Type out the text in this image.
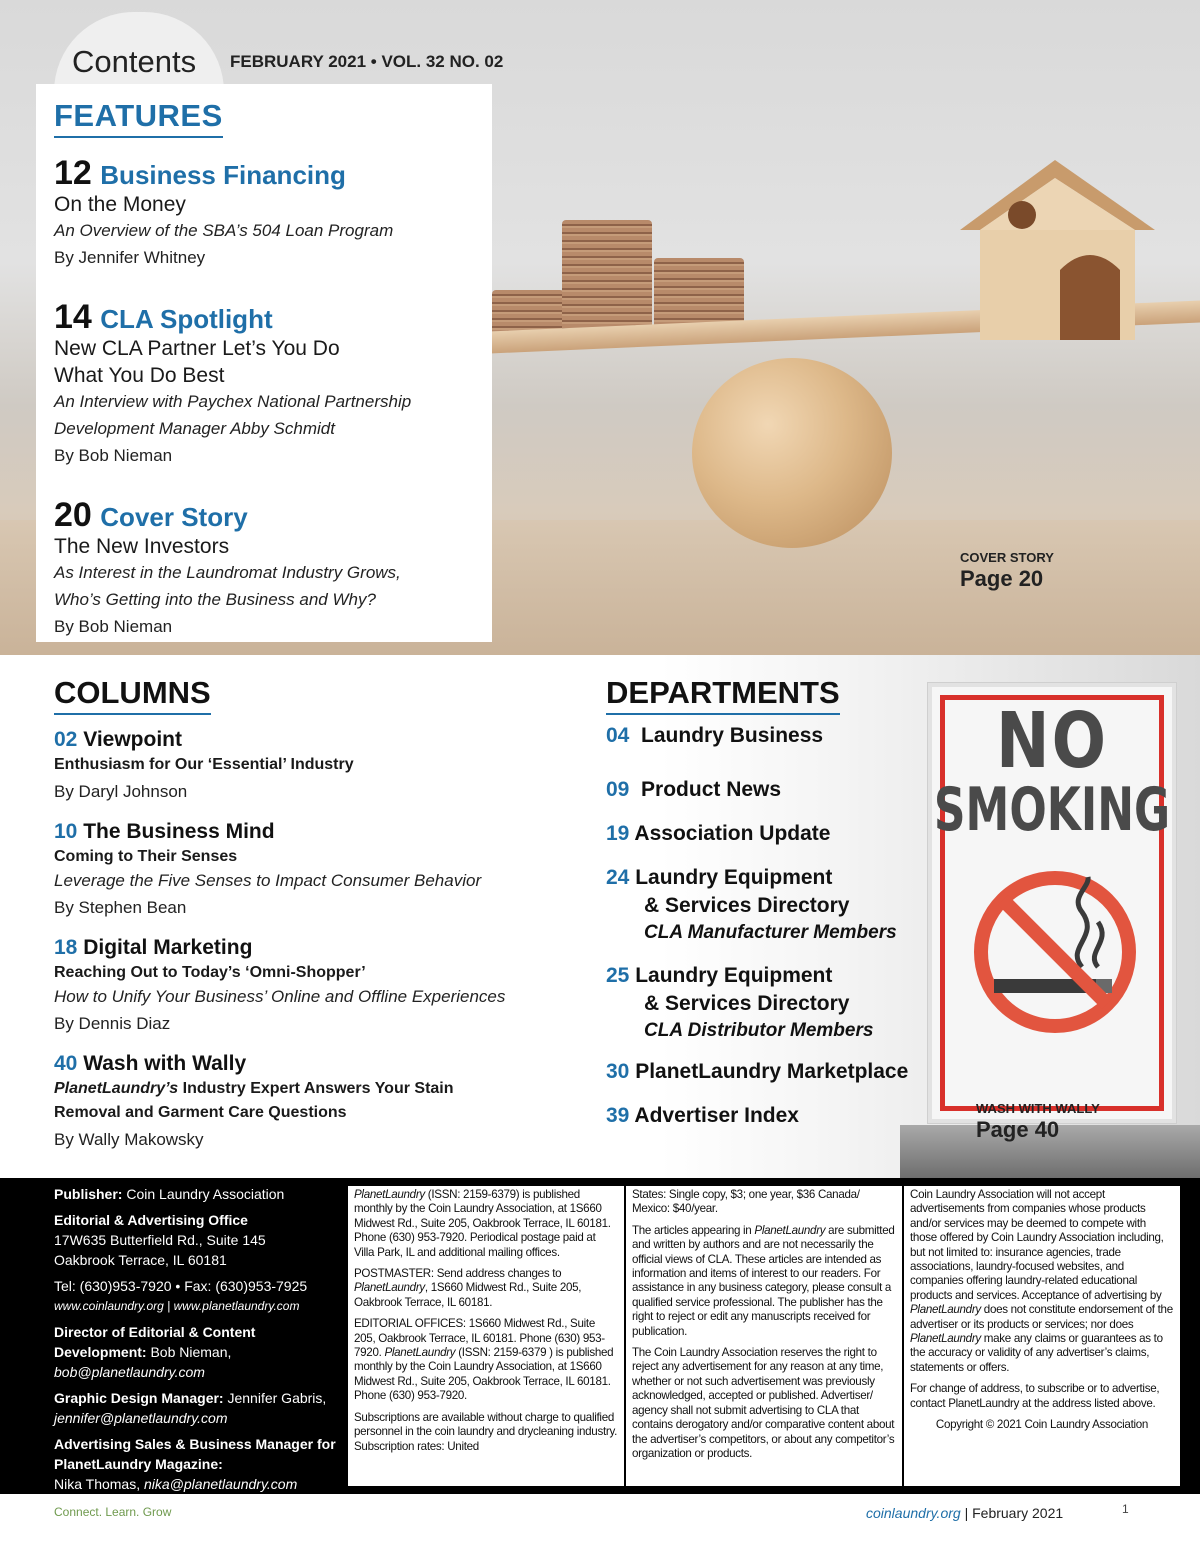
Contents FEBRUARY 2021 • VOL. 32 NO. 02
COVER STORY
Page 20
FEATURES
12 Business Financing
On the Money
An Overview of the SBA’s 504 Loan Program
By Jennifer Whitney
14 CLA Spotlight
New CLA Partner Let’s You Do
What You Do Best
An Interview with Paychex National Partnership
Development Manager Abby Schmidt
By Bob Nieman
20 Cover Story
The New Investors
As Interest in the Laundromat Industry Grows,
Who’s Getting into the Business and Why?
By Bob Nieman
NO
SMOKING
COLUMNS
02 Viewpoint
Enthusiasm for Our ‘Essential’ Industry
By Daryl Johnson
10 The Business Mind
Coming to Their Senses
Leverage the Five Senses to Impact Consumer Behavior
By Stephen Bean
18 Digital Marketing
Reaching Out to Today’s ‘Omni-Shopper’
How to Unify Your Business’ Online and Offline Experiences
By Dennis Diaz
40 Wash with Wally
PlanetLaundry’s Industry Expert Answers Your Stain
Removal and Garment Care Questions
By Wally Makowsky
DEPARTMENTS
04 Laundry Business
09 Product News
19 Association Update
24 Laundry Equipment
& Services Directory
CLA Manufacturer Members
25 Laundry Equipment
& Services Directory
CLA Distributor Members
30 PlanetLaundry Marketplace
39 Advertiser Index	WASH WITH WALLY
Page 40
Publisher: Coin Laundry Association
Editorial & Advertising Office
17W635 Butterfield Rd., Suite 145
Oakbrook Terrace, IL 60181
Tel: (630)953-7920 • Fax: (630)953-7925
www.coinlaundry.org | www.planetlaundry.com
Director of Editorial & Content Development: Bob Nieman,
bob@planetlaundry.com
Graphic Design Manager: Jennifer Gabris,
jennifer@planetlaundry.com
Advertising Sales & Business Manager for PlanetLaundry Magazine:
Nika Thomas, nika@planetlaundry.com

PlanetLaundry (ISSN: 2159-6379) is published monthly by the Coin Laundry Association, at 1S660 Midwest Rd., Suite 205, Oakbrook Terrace, IL 60181. Phone (630) 953-7920. Periodical postage paid at Villa Park, IL and additional mailing offices.

POSTMASTER: Send address changes to PlanetLaundry, 1S660 Midwest Rd., Suite 205, Oakbrook Terrace, IL 60181.

EDITORIAL OFFICES: 1S660 Midwest Rd., Suite 205, Oakbrook Terrace, IL 60181. Phone (630) 953-7920. PlanetLaundry (ISSN: 2159-6379 ) is published monthly by the Coin Laundry Association, at 1S660 Midwest Rd., Suite 205, Oakbrook Terrace, IL 60181. Phone (630) 953-7920.

Subscriptions are available without charge to qualified personnel in the coin laundry and drycleaning industry. Subscription rates: United

States: Single copy, $3; one year, $36 Canada/ Mexico: $40/year.

The articles appearing in PlanetLaundry are submitted and written by authors and are not necessarily the official views of CLA. These articles are intended as information and items of interest to our readers. For assistance in any business category, please consult a qualified service professional. The publisher has the right to reject or edit any manuscripts received for publication.

The Coin Laundry Association reserves the right to reject any advertisement for any reason at any time, whether or not such advertisement was previously acknowledged, accepted or published. Advertiser/ agency shall not submit advertising to CLA that contains derogatory and/or comparative content about the advertiser’s competitors, or about any competitor’s organization or products.

Coin Laundry Association will not accept advertisements from companies whose products and/or services may be deemed to compete with those offered by Coin Laundry Association including, but not limited to: insurance agencies, trade associations, laundry-focused websites, and companies offering laundry-related educational products and services. Acceptance of advertising by PlanetLaundry does not constitute endorsement of the advertiser or its products or services; nor does PlanetLaundry make any claims or guarantees as to the accuracy or validity of any advertiser’s claims, statements or offers.

For change of address, to subscribe or to advertise, contact PlanetLaundry at the address listed above.

Copyright © 2021 Coin Laundry Association

Connect. Learn. Grow	coinlaundry.org | February 2021	1
